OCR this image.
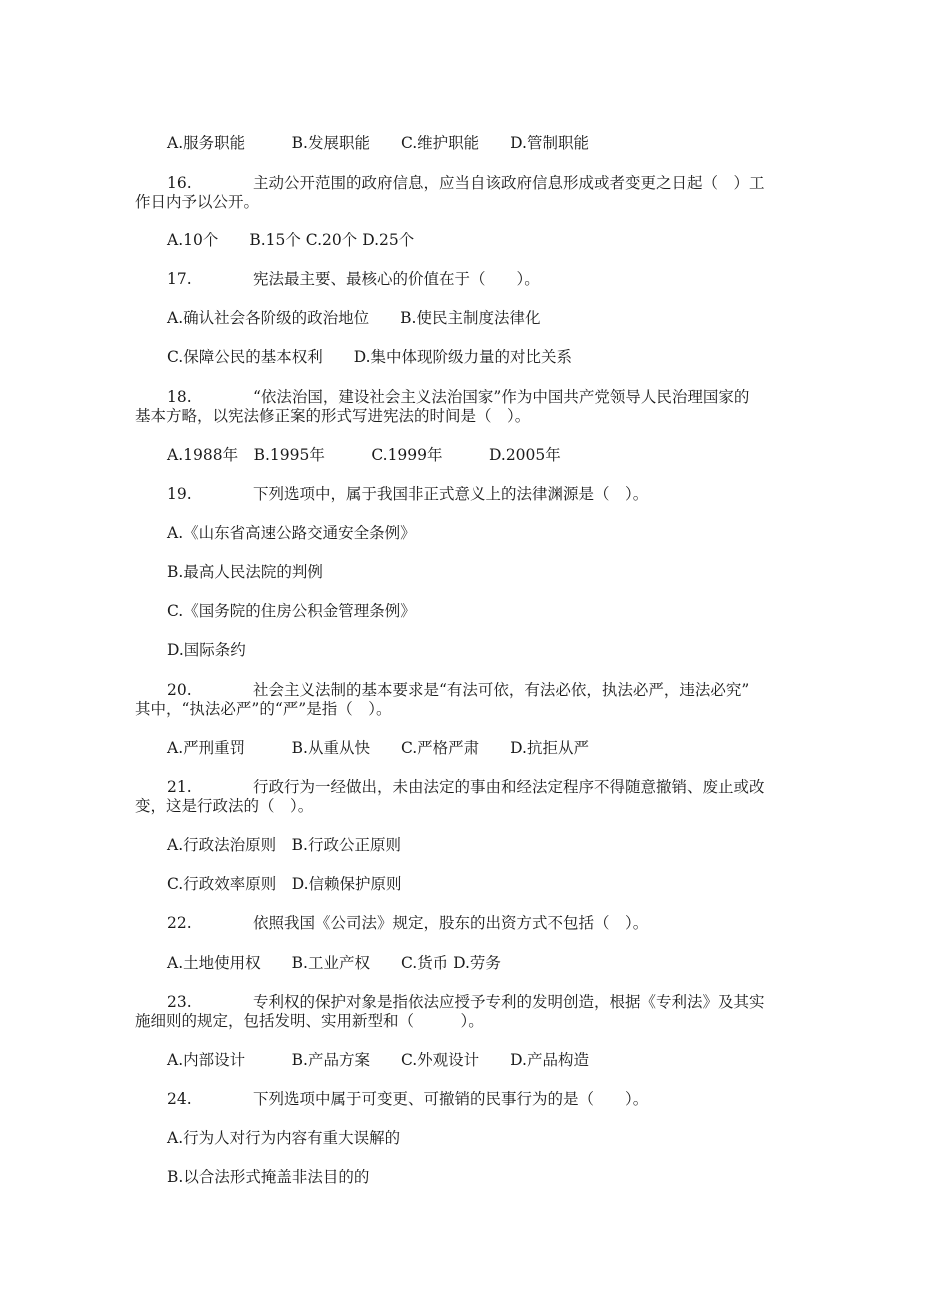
A.服务职能　　　B.发展职能　　C.维护职能　　D.管制职能
16.	主动公开范围的政府信息，应当自该政府信息形成或者变更之日起（　）工
作日内予以公开。
A.10个　　B.15个 C.20个 D.25个
17.	宪法最主要、最核心的价值在于（　　）。
A.确认社会各阶级的政治地位　　B.使民主制度法律化
C.保障公民的基本权利　　D.集中体现阶级力量的对比关系
18.	“依法治国，建设社会主义法治国家”作为中国共产党领导人民治理国家的
基本方略，以宪法修正案的形式写进宪法的时间是（　）。
A.1988年　B.1995年　　　C.1999年　　　D.2005年
19.	下列选项中，属于我国非正式意义上的法律渊源是（　）。
A.《山东省高速公路交通安全条例》
B.最高人民法院的判例
C.《国务院的住房公积金管理条例》
D.国际条约
20.	社会主义法制的基本要求是“有法可依，有法必依，执法必严，违法必究”
其中，“执法必严”的“严”是指（　）。
A.严刑重罚　　　B.从重从快　　C.严格严肃　　D.抗拒从严
21.	行政行为一经做出，未由法定的事由和经法定程序不得随意撤销、废止或改
变，这是行政法的（　）。
A.行政法治原则　B.行政公正原则
C.行政效率原则　D.信赖保护原则
22.	依照我国《公司法》规定，股东的出资方式不包括（　）。
A.土地使用权　　B.工业产权　　C.货币 D.劳务
23.	专利权的保护对象是指依法应授予专利的发明创造，根据《专利法》及其实
施细则的规定，包括发明、实用新型和（　　　）。
A.内部设计　　　B.产品方案　　C.外观设计　　D.产品构造
24.	下列选项中属于可变更、可撤销的民事行为的是（　　）。
A.行为人对行为内容有重大误解的
B.以合法形式掩盖非法目的的
